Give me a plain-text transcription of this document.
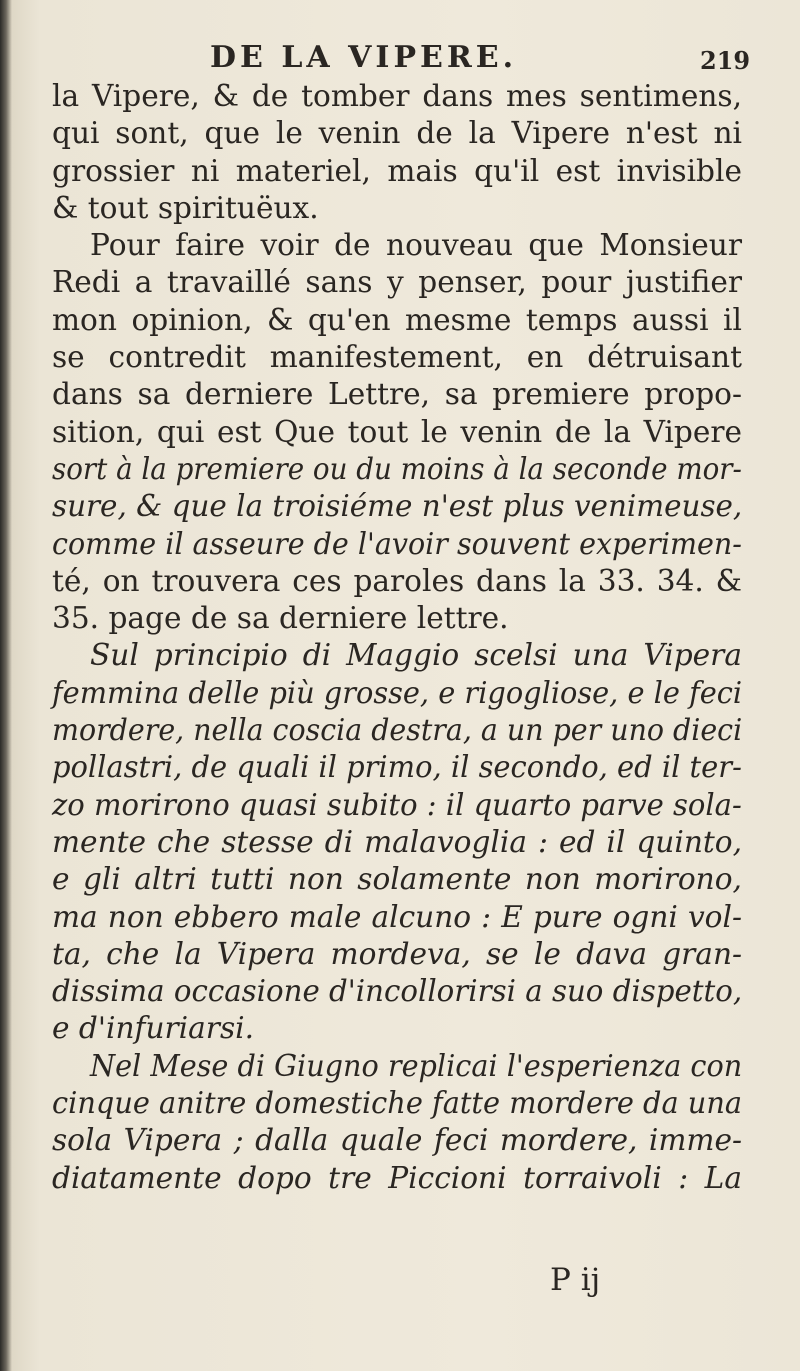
DE LA VIPERE.	219
la Vipere, & de tomber dans mes sentimens,
qui sont, que le venin de la Vipere n'est ni
grossier ni materiel, mais qu'il est invisible
& tout spirituëux.
Pour faire voir de nouveau que Monsieur
Redi a travaillé sans y penser, pour justifier
mon opinion, & qu'en mesme temps aussi il
se contredit manifestement, en détruisant
dans sa derniere Lettre, sa premiere propo-
sition, qui est Que tout le venin de la Vipere
sort à la premiere ou du moins à la seconde mor-
sure, & que la troisiéme n'est plus venimeuse,
comme il asseure de l'avoir souvent experimen-
té, on trouvera ces paroles dans la 33. 34. &
35. page de sa derniere lettre.
Sul principio di Maggio scelsi una Vipera
femmina delle più grosse, e rigogliose, e le feci
mordere, nella coscia destra, a un per uno dieci
pollastri, de quali il primo, il secondo, ed il ter-
zo morirono quasi subito : il quarto parve sola-
mente che stesse di malavoglia : ed il quinto,
e gli altri tutti non solamente non morirono,
ma non ebbero male alcuno : E pure ogni vol-
ta, che la Vipera mordeva, se le dava gran-
dissima occasione d'incollorirsi a suo dispetto,
e d'infuriarsi.
Nel Mese di Giugno replicai l'esperienza con
cinque anitre domestiche fatte mordere da una
sola Vipera ; dalla quale feci mordere, imme-
diatamente dopo tre Piccioni torraivoli : La
P ij
